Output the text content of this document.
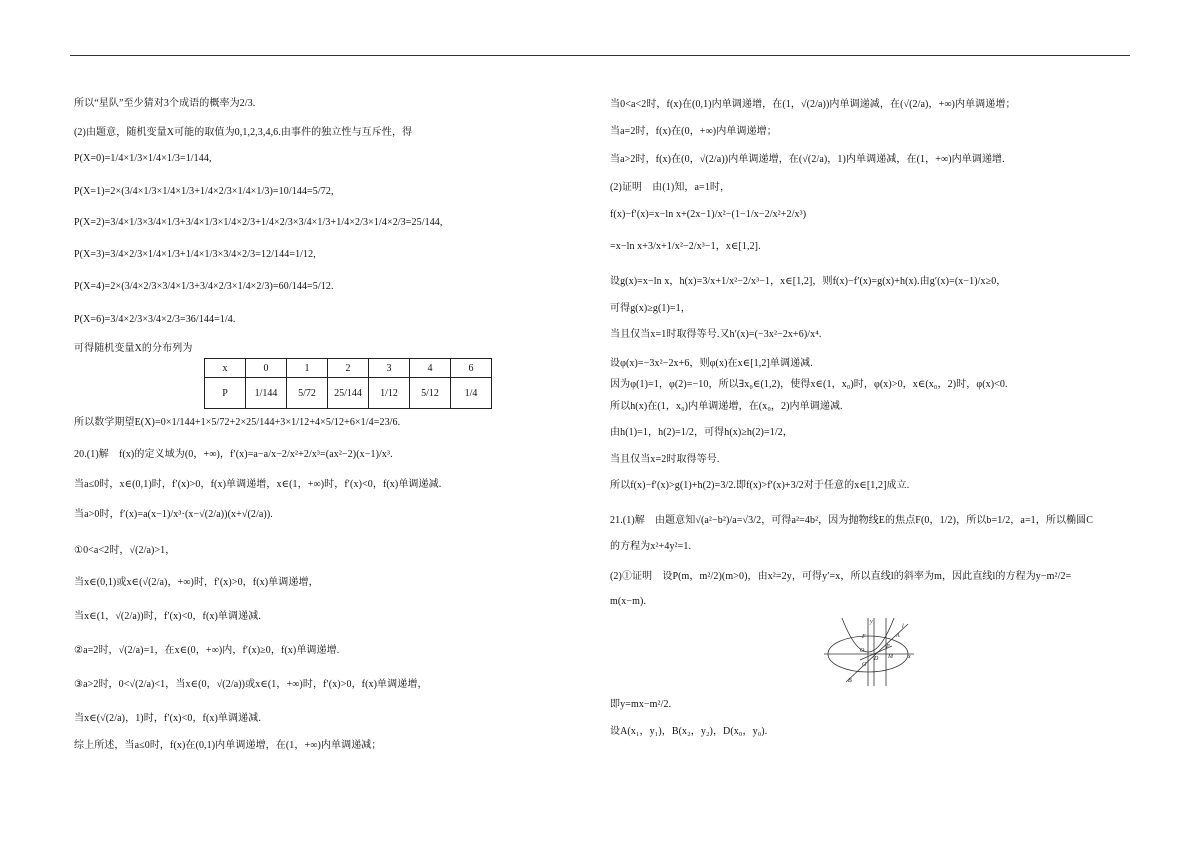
所以“星队”至少猜对3个成语的概率为2/3.
(2)由题意，随机变量X可能的取值为0,1,2,3,4,6.由事件的独立性与互斥性，得
P(X=0)=1/4×1/3×1/4×1/3=1/144,
P(X=1)=2×(3/4×1/3×1/4×1/3+1/4×2/3×1/4×1/3)=10/144=5/72,
P(X=2)=3/4×1/3×3/4×1/3+3/4×1/3×1/4×2/3+1/4×2/3×3/4×1/3+1/4×2/3×1/4×2/3=25/144,
P(X=3)=3/4×2/3×1/4×1/3+1/4×1/3×3/4×2/3=12/144=1/12,
P(X=4)=2×(3/4×2/3×3/4×1/3+3/4×2/3×1/4×2/3)=60/144=5/12.
P(X=6)=3/4×2/3×3/4×2/3=36/144=1/4.
可得随机变量X的分布列为
所以数学期望E(X)=0×1/144+1×5/72+2×25/144+3×1/12+4×5/12+6×1/4=23/6.
20.(1)解　f(x)的定义域为(0，+∞)，f′(x)=a−a/x−2/x²+2/x³=(ax²−2)(x−1)/x³.
当a≤0时，x∈(0,1)时，f′(x)>0，f(x)单调递增，x∈(1，+∞)时，f′(x)<0，f(x)单调递减.
当a>0时，f′(x)=a(x−1)/x³·(x−√(2/a))(x+√(2/a)).
①0<a<2时，√(2/a)>1，
当x∈(0,1)或x∈(√(2/a)，+∞)时，f′(x)>0，f(x)单调递增，
当x∈(1，√(2/a))时，f′(x)<0，f(x)单调递减.
②a=2时，√(2/a)=1，在x∈(0，+∞)内，f′(x)≥0，f(x)单调递增.
③a>2时，0<√(2/a)<1，当x∈(0，√(2/a))或x∈(1，+∞)时，f′(x)>0，f(x)单调递增，
当x∈(√(2/a)，1)时，f′(x)<0，f(x)单调递减.
综上所述，当a≤0时，f(x)在(0,1)内单调递增，在(1，+∞)内单调递减；
x	0	1	2	3	4	6
P	1/144	5/72	25/144	1/12	5/12	1/4
当0<a<2时，f(x)在(0,1)内单调递增，在(1，√(2/a))内单调递减，在(√(2/a)，+∞)内单调递增；
当a=2时，f(x)在(0，+∞)内单调递增；
当a>2时，f(x)在(0，√(2/a))内单调递增，在(√(2/a)，1)内单调递减，在(1，+∞)内单调递增.
(2)证明　由(1)知，a=1时，
f(x)−f′(x)=x−ln x+(2x−1)/x²−(1−1/x−2/x²+2/x³)
=x−ln x+3/x+1/x²−2/x³−1，x∈[1,2].
设g(x)=x−ln x，h(x)=3/x+1/x²−2/x³−1，x∈[1,2]，则f(x)−f′(x)=g(x)+h(x).由g′(x)=(x−1)/x≥0，
可得g(x)≥g(1)=1，
当且仅当x=1时取得等号.又h′(x)=(−3x²−2x+6)/x⁴.
设φ(x)=−3x²−2x+6，则φ(x)在x∈[1,2]单调递减.
因为φ(1)=1，φ(2)=−10，所以∃x₀∈(1,2)，使得x∈(1，x₀)时，φ(x)>0，x∈(x₀，2)时，φ(x)<0.
所以h(x)在(1，x₀)内单调递增，在(x₀，2)内单调递减.
由h(1)=1，h(2)=1/2，可得h(x)≥h(2)=1/2，
当且仅当x=2时取得等号.
所以f(x)−f′(x)>g(1)+h(2)=3/2.即f(x)>f′(x)+3/2对于任意的x∈[1,2]成立.
21.(1)解　由题意知√(a²−b²)/a=√3/2，可得a²=4b²，因为抛物线E的焦点F(0，1/2)，所以b=1/2，a=1，所以椭圆C
的方程为x²+4y²=1.
(2)①证明　设P(m，m²/2)(m>0)，由x²=2y，可得y′=x，所以直线l的斜率为m，因此直线l的方程为y−m²/2=
m(x−m).
即y=mx−m²/2.
设A(x₁，y₁)，B(x₂，y₂)，D(x₀，y₀).
y
F	A
O
P
D M	x
G
B
l
